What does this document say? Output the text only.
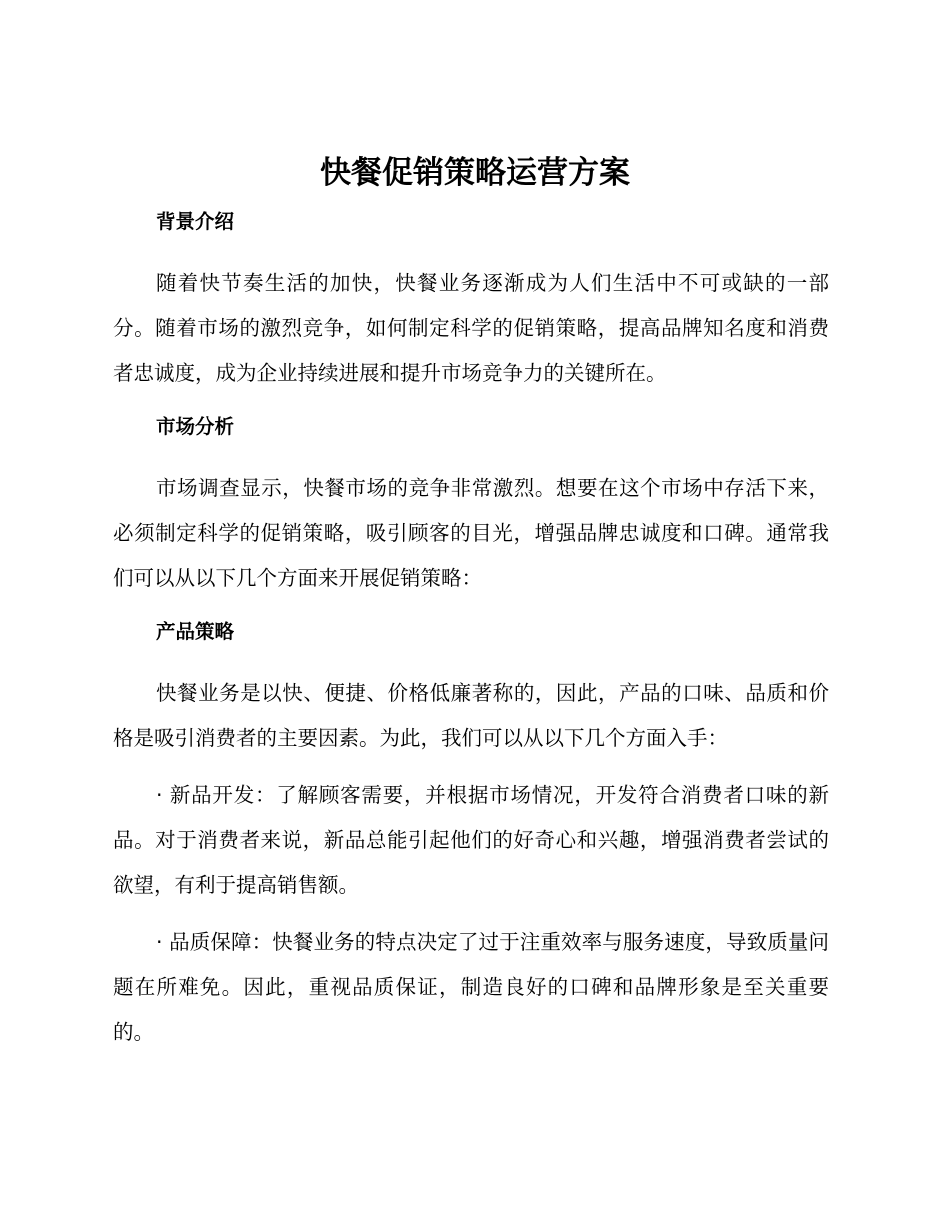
快餐促销策略运营方案
背景介绍

随着快节奏生活的加快，快餐业务逐渐成为人们生活中不可或缺的一部分。随着市场的激烈竞争，如何制定科学的促销策略，提高品牌知名度和消费者忠诚度，成为企业持续进展和提升市场竞争力的关键所在。

市场分析

市场调查显示，快餐市场的竞争非常激烈。想要在这个市场中存活下来，必须制定科学的促销策略，吸引顾客的目光，增强品牌忠诚度和口碑。通常我们可以从以下几个方面来开展促销策略：

产品策略

快餐业务是以快、便捷、价格低廉著称的，因此，产品的口味、品质和价格是吸引消费者的主要因素。为此，我们可以从以下几个方面入手：

· 新品开发：了解顾客需要，并根据市场情况，开发符合消费者口味的新品。对于消费者来说，新品总能引起他们的好奇心和兴趣，增强消费者尝试的欲望，有利于提高销售额。

· 品质保障：快餐业务的特点决定了过于注重效率与服务速度，导致质量问题在所难免。因此，重视品质保证，制造良好的口碑和品牌形象是至关重要的。
